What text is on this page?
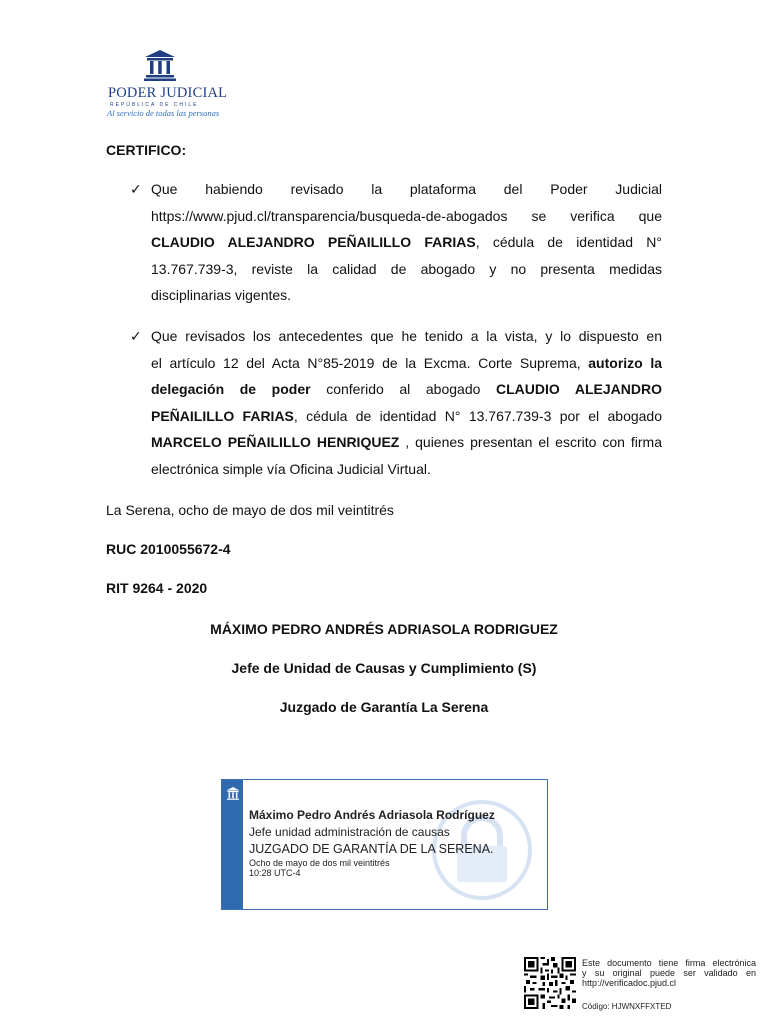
PODER JUDICIAL
REPÚBLICA DE CHILE
Al servicio de todas las personas
CERTIFICO:
✓ Que habiendo revisado la plataforma del Poder Judicial
https://www.pjud.cl/transparencia/busqueda-de-abogados se verifica que
CLAUDIO ALEJANDRO PEÑAILILLO FARIAS, cédula de identidad N°
13.767.739-3, reviste la calidad de abogado y no presenta medidas
disciplinarias vigentes.
✓ Que revisados los antecedentes que he tenido a la vista, y lo dispuesto en
el artículo 12 del Acta N°85-2019 de la Excma. Corte Suprema, autorizo la
delegación de poder conferido al abogado CLAUDIO ALEJANDRO
PEÑAILILLO FARIAS, cédula de identidad N° 13.767.739-3 por el abogado
MARCELO PEÑAILILLO HENRIQUEZ , quienes presentan el escrito con firma
electrónica simple vía Oficina Judicial Virtual.
La Serena, ocho de mayo de dos mil veintitrés
RUC 2010055672-4
RIT 9264 - 2020
MÁXIMO PEDRO ANDRÉS ADRIASOLA RODRIGUEZ
Jefe de Unidad de Causas y Cumplimiento (S)
Juzgado de Garantía La Serena
Máximo Pedro Andrés Adriasola Rodríguez
Jefe unidad administración de causas
JUZGADO DE GARANTÍA DE LA SERENA.
Ocho de mayo de dos mil veintitrés
10:28 UTC-4
Este documento tiene firma electrónica
y su original puede ser validado en
http://verificadoc.pjud.cl
Código: HJWNXFFXTED
